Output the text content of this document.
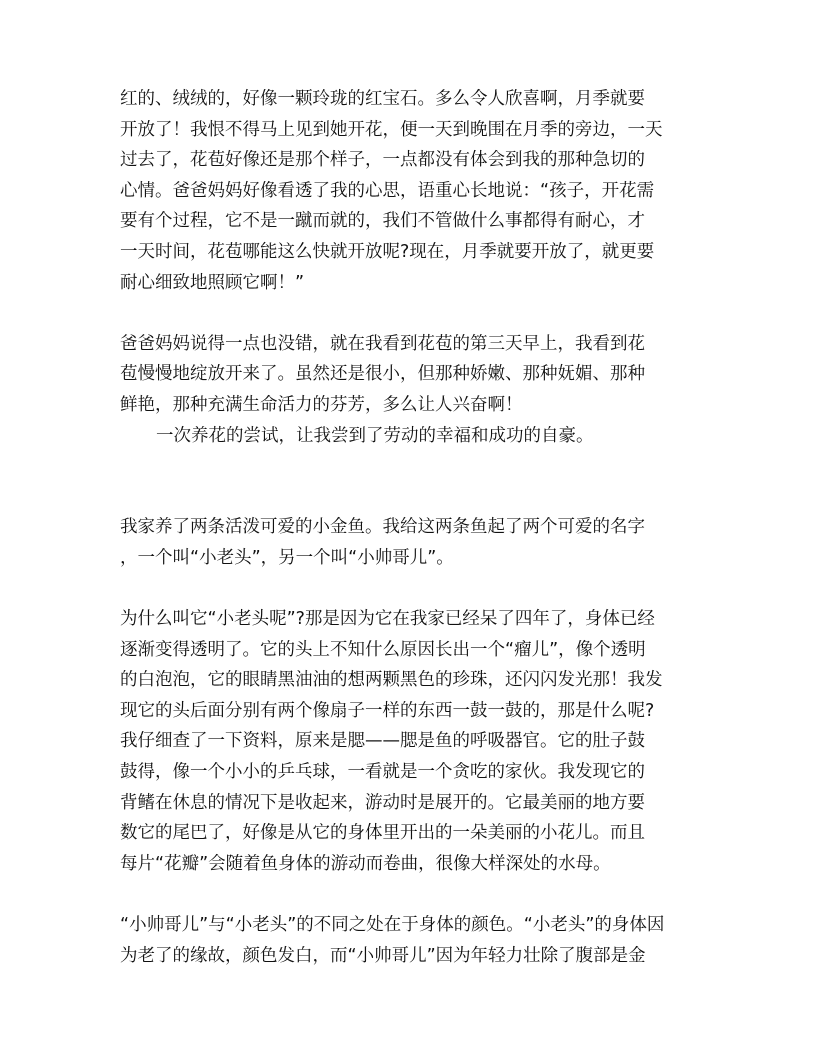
红的、绒绒的，好像一颗玲珑的红宝石。多么令人欣喜啊，月季就要

开放了！我恨不得马上见到她开花，便一天到晚围在月季的旁边，一天

过去了，花苞好像还是那个样子，一点都没有体会到我的那种急切的

心情。爸爸妈妈好像看透了我的心思，语重心长地说：“孩子，开花需

要有个过程，它不是一蹴而就的，我们不管做什么事都得有耐心，才

一天时间，花苞哪能这么快就开放呢?现在，月季就要开放了，就更要

耐心细致地照顾它啊！”

爸爸妈妈说得一点也没错，就在我看到花苞的第三天早上，我看到花

苞慢慢地绽放开来了。虽然还是很小，但那种娇嫩、那种妩媚、那种

鲜艳，那种充满生命活力的芬芳，多么让人兴奋啊！

一次养花的尝试，让我尝到了劳动的幸福和成功的自豪。

我家养了两条活泼可爱的小金鱼。我给这两条鱼起了两个可爱的名字

，一个叫“小老头”，另一个叫“小帅哥儿”。

为什么叫它“小老头呢”?那是因为它在我家已经呆了四年了，身体已经

逐渐变得透明了。它的头上不知什么原因长出一个“瘤儿”，像个透明

的白泡泡，它的眼睛黑油油的想两颗黑色的珍珠，还闪闪发光那！我发

现它的头后面分别有两个像扇子一样的东西一鼓一鼓的，那是什么呢?

我仔细查了一下资料，原来是腮——腮是鱼的呼吸器官。它的肚子鼓

鼓得，像一个小小的乒乓球，一看就是一个贪吃的家伙。我发现它的

背鳍在休息的情况下是收起来，游动时是展开的。它最美丽的地方要

数它的尾巴了，好像是从它的身体里开出的一朵美丽的小花儿。而且

每片“花瓣”会随着鱼身体的游动而卷曲，很像大样深处的水母。

“小帅哥儿”与“小老头”的不同之处在于身体的颜色。“小老头”的身体因

为老了的缘故，颜色发白，而“小帅哥儿”因为年轻力壮除了腹部是金
